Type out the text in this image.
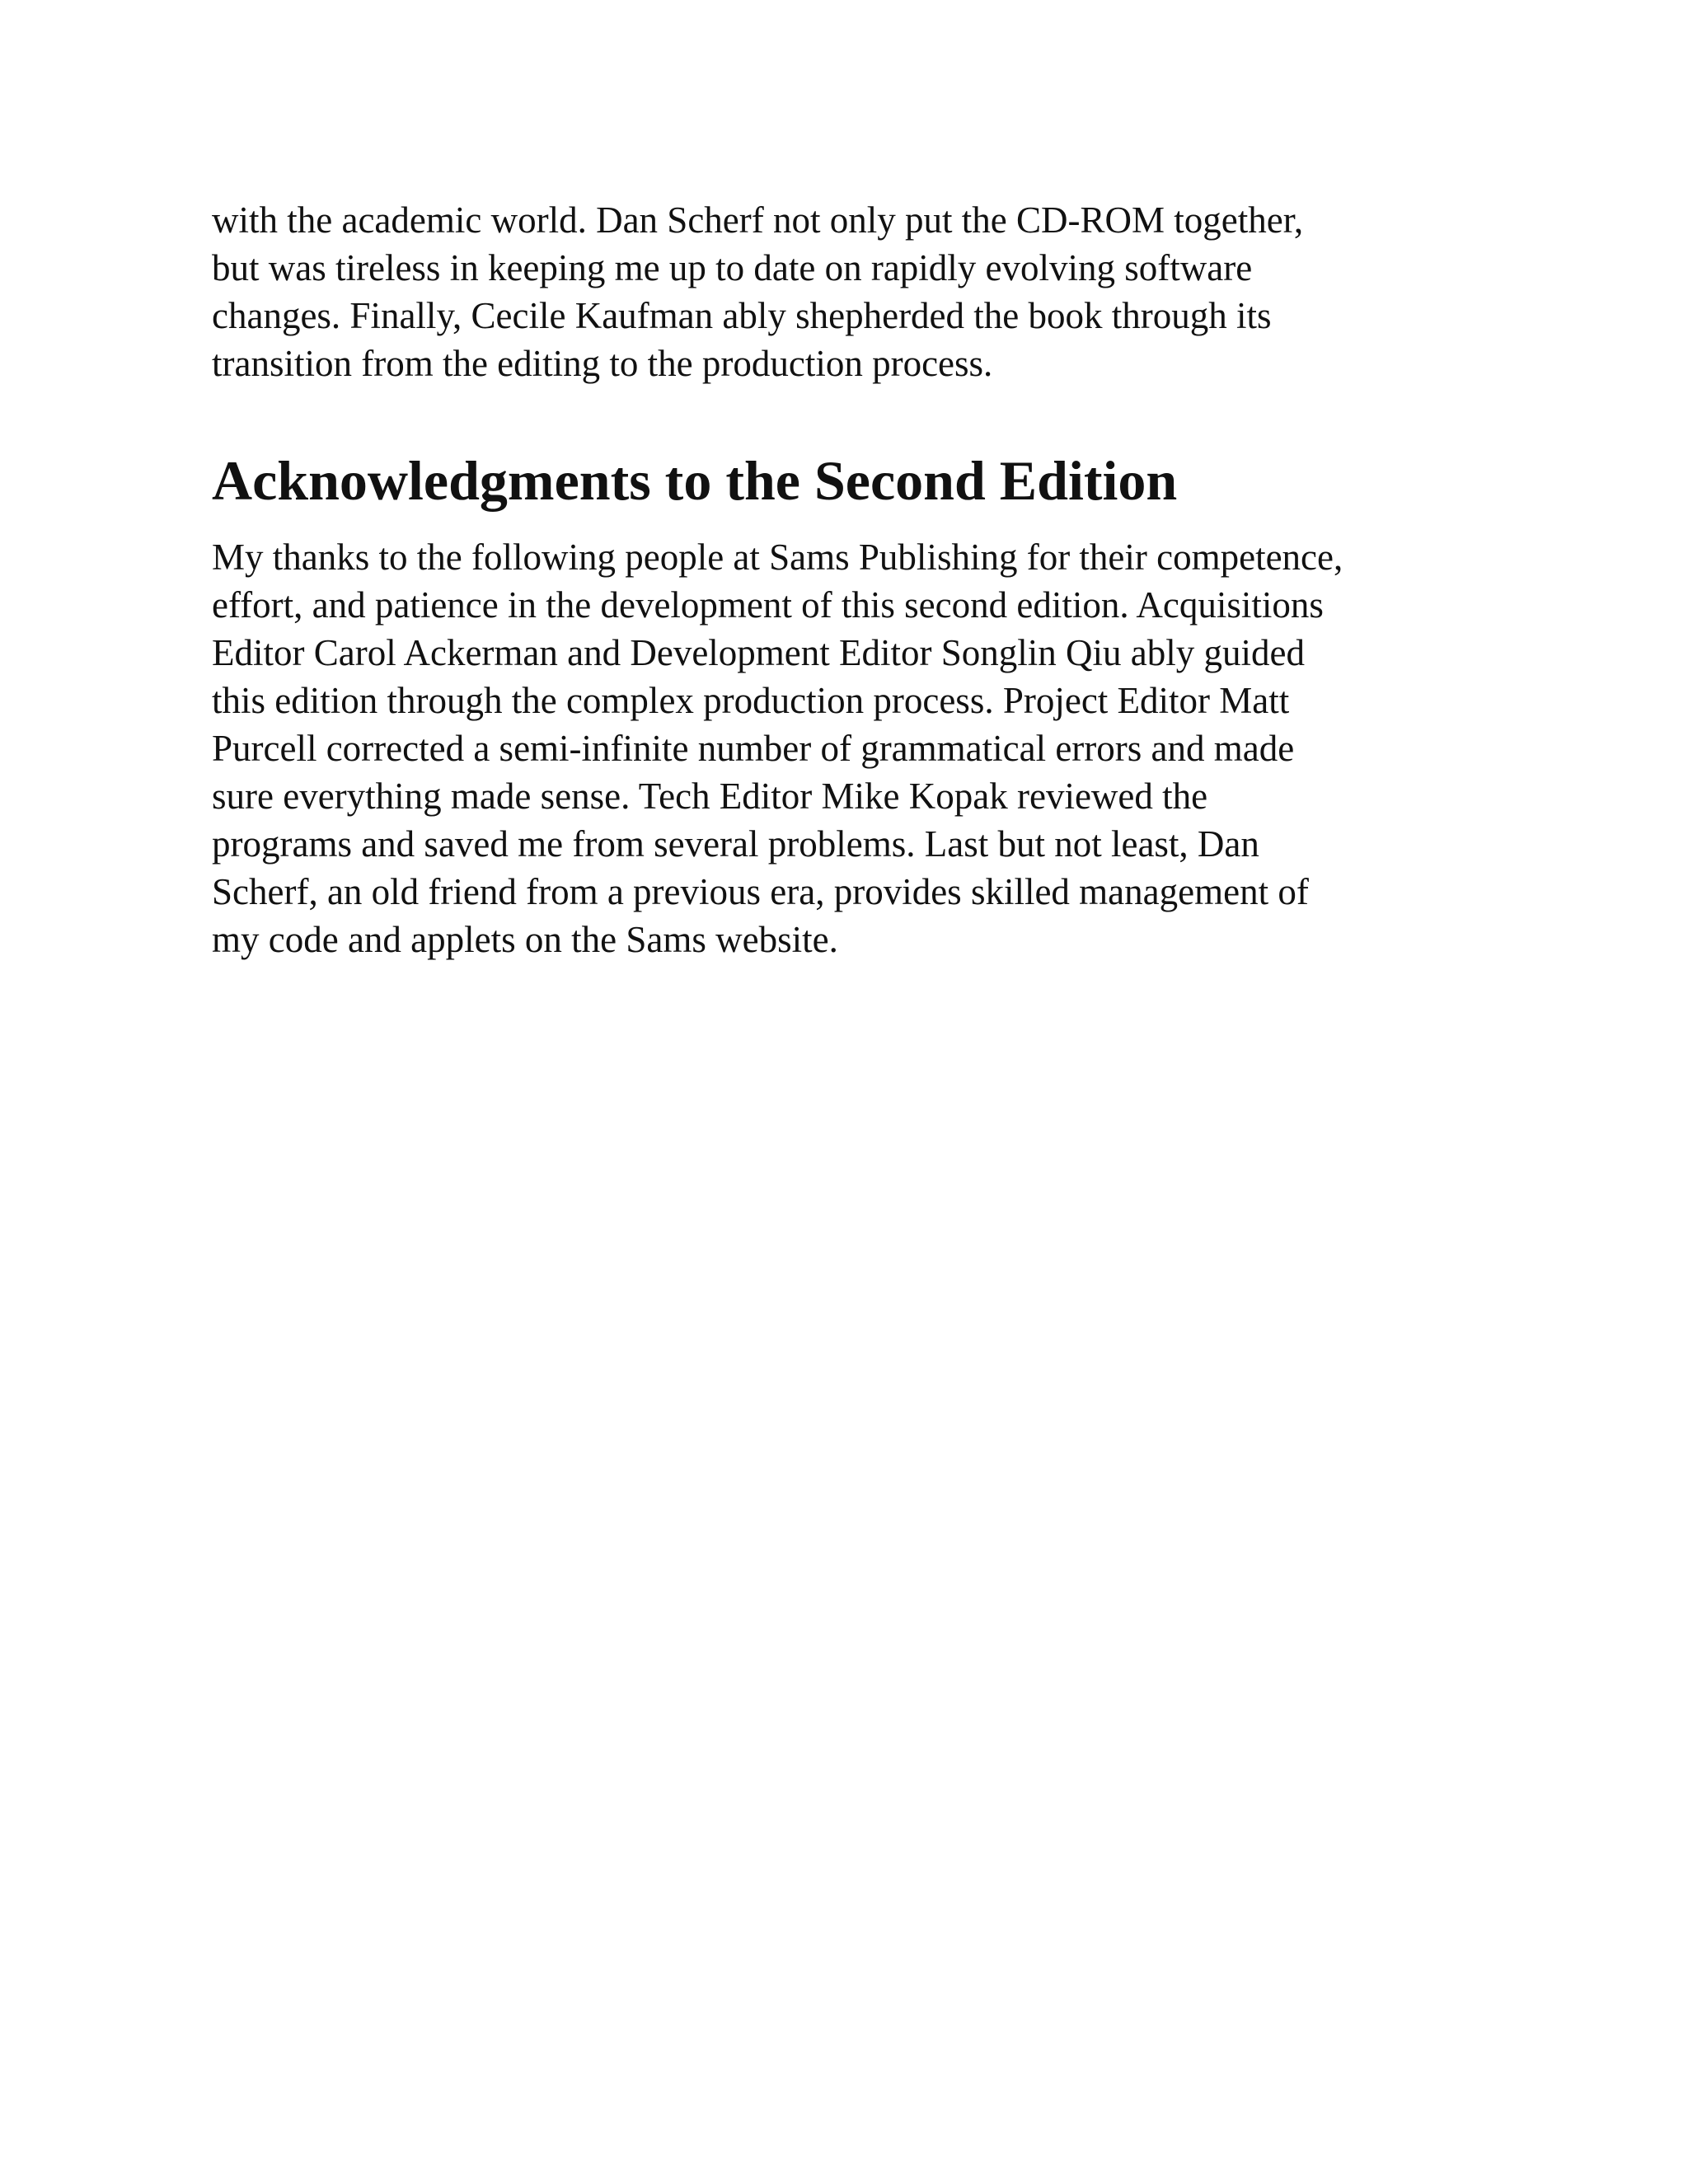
with the academic world. Dan Scherf not only put the CD-ROM together,
but was tireless in keeping me up to date on rapidly evolving software
changes. Finally, Cecile Kaufman ably shepherded the book through its
transition from the editing to the production process.

Acknowledgments to the Second Edition

My thanks to the following people at Sams Publishing for their competence,
effort, and patience in the development of this second edition. Acquisitions
Editor Carol Ackerman and Development Editor Songlin Qiu ably guided
this edition through the complex production process. Project Editor Matt
Purcell corrected a semi-infinite number of grammatical errors and made
sure everything made sense. Tech Editor Mike Kopak reviewed the
programs and saved me from several problems. Last but not least, Dan
Scherf, an old friend from a previous era, provides skilled management of
my code and applets on the Sams website.
